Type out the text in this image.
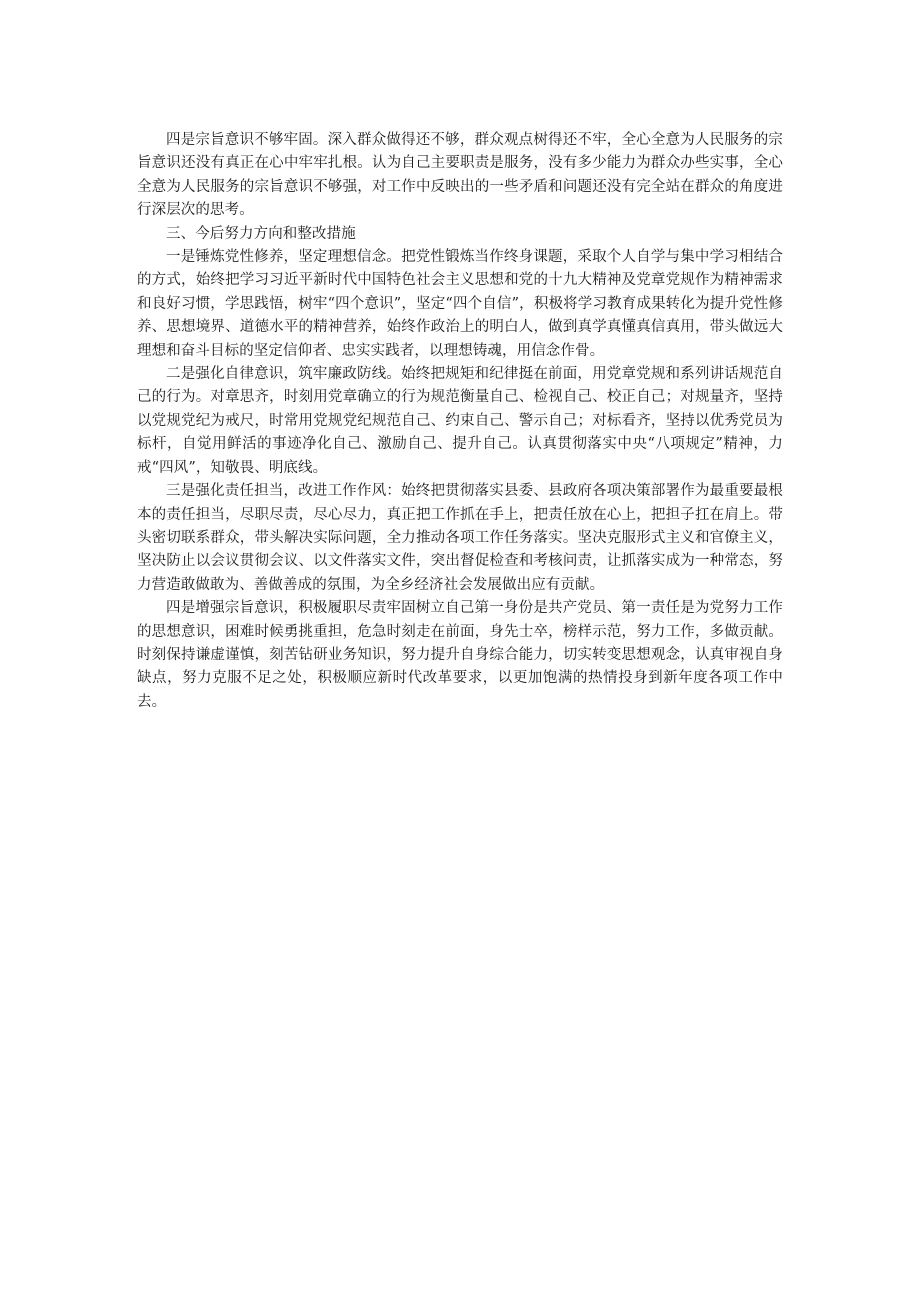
四是宗旨意识不够牢固。深入群众做得还不够，群众观点树得还不牢，全心全意为人民服务的宗旨意识还没有真正在心中牢牢扎根。认为自己主要职责是服务，没有多少能力为群众办些实事，全心全意为人民服务的宗旨意识不够强，对工作中反映出的一些矛盾和问题还没有完全站在群众的角度进行深层次的思考。

三、今后努力方向和整改措施

一是锤炼党性修养，坚定理想信念。把党性锻炼当作终身课题，采取个人自学与集中学习相结合的方式，始终把学习习近平新时代中国特色社会主义思想和党的十九大精神及党章党规作为精神需求和良好习惯，学思践悟，树牢“四个意识”，坚定“四个自信”，积极将学习教育成果转化为提升党性修养、思想境界、道德水平的精神营养，始终作政治上的明白人，做到真学真懂真信真用，带头做远大理想和奋斗目标的坚定信仰者、忠实实践者，以理想铸魂，用信念作骨。

二是强化自律意识，筑牢廉政防线。始终把规矩和纪律挺在前面，用党章党规和系列讲话规范自己的行为。对章思齐，时刻用党章确立的行为规范衡量自己、检视自己、校正自己；对规量齐，坚持以党规党纪为戒尺，时常用党规党纪规范自己、约束自己、警示自己；对标看齐，坚持以优秀党员为标杆，自觉用鲜活的事迹净化自己、激励自己、提升自己。认真贯彻落实中央“八项规定”精神，力戒“四风”，知敬畏、明底线。

三是强化责任担当，改进工作作风：始终把贯彻落实县委、县政府各项决策部署作为最重要最根本的责任担当，尽职尽责，尽心尽力，真正把工作抓在手上，把责任放在心上，把担子扛在肩上。带头密切联系群众，带头解决实际问题，全力推动各项工作任务落实。坚决克服形式主义和官僚主义，坚决防止以会议贯彻会议、以文件落实文件，突出督促检查和考核问责，让抓落实成为一种常态，努力营造敢做敢为、善做善成的氛围，为全乡经济社会发展做出应有贡献。

四是增强宗旨意识，积极履职尽责牢固树立自己第一身份是共产党员、第一责任是为党努力工作的思想意识，困难时候勇挑重担，危急时刻走在前面，身先士卒，榜样示范，努力工作，多做贡献。时刻保持谦虚谨慎，刻苦钻研业务知识，努力提升自身综合能力，切实转变思想观念，认真审视自身缺点，努力克服不足之处，积极顺应新时代改革要求，以更加饱满的热情投身到新年度各项工作中去。
